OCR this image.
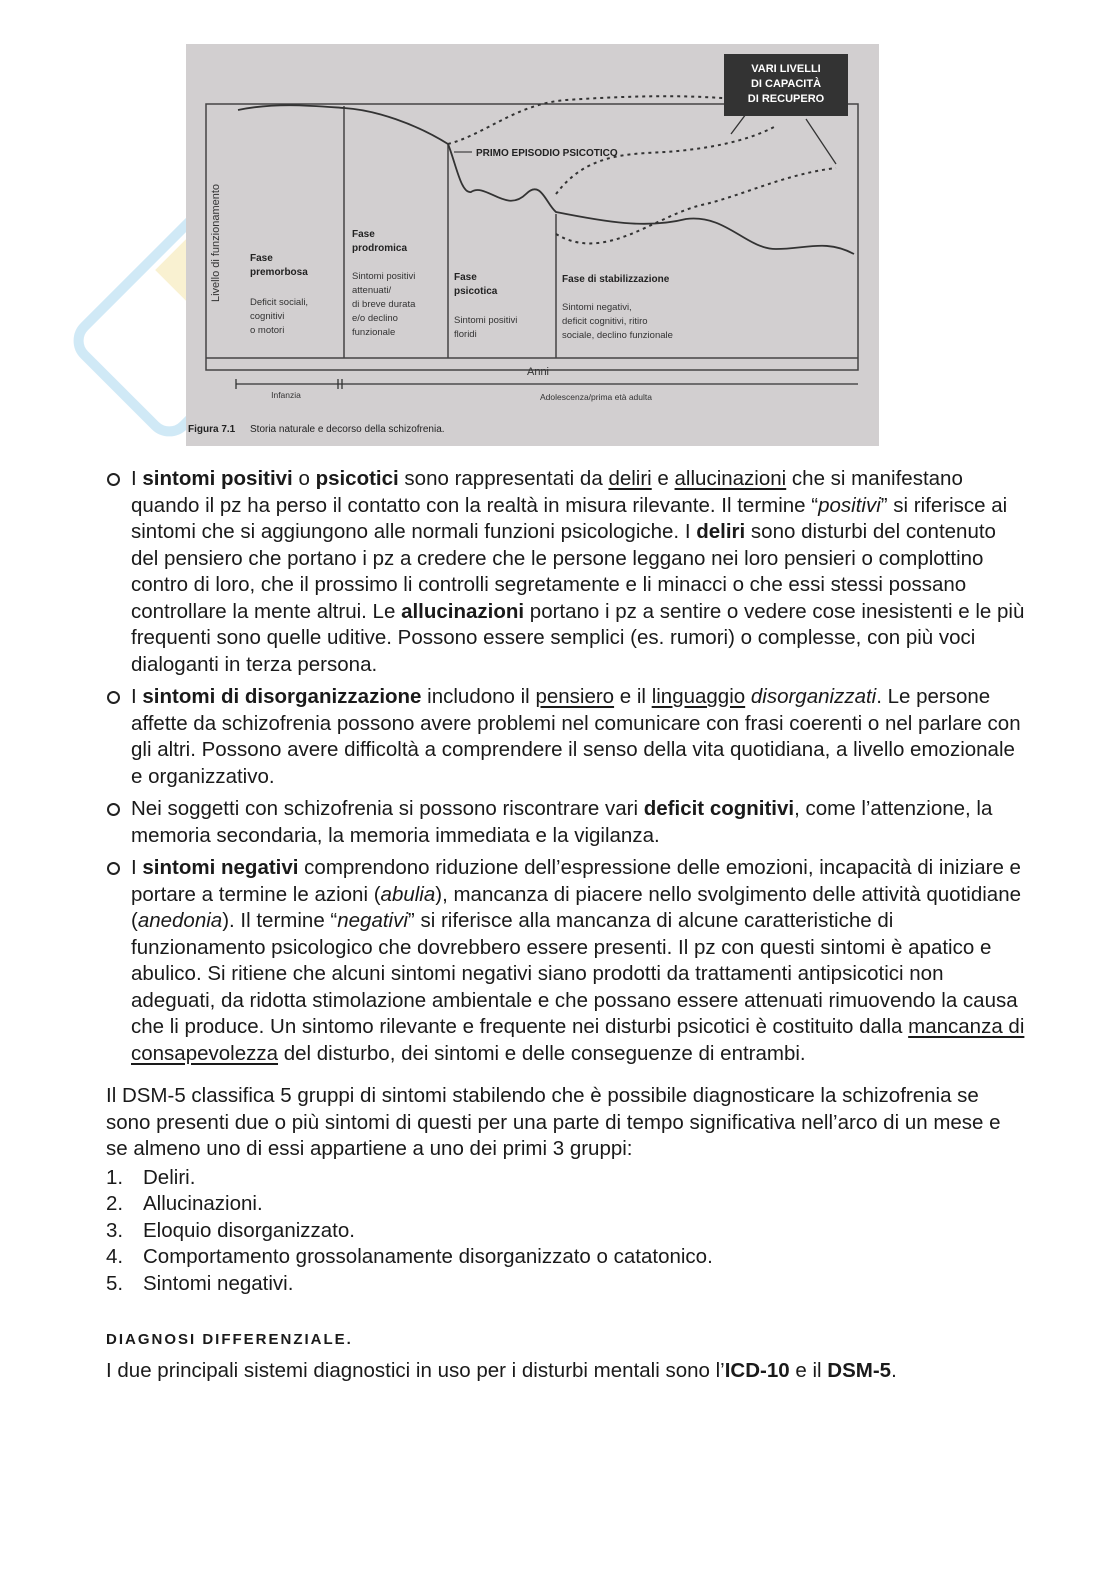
VARI LIVELLI
DI CAPACITÀ
DI RECUPERO
PRIMO EPISODIO PSICOTICO
Livello di funzionamento	Fase
premorbosa
Deficit sociali,
cognitivi
o motori
Fase
prodromica
Sintomi positivi
attenuati/
di breve durata
e/o declino
funzionale
Fase
psicotica
Sintomi positivi
floridi
Fase di stabilizzazione
Sintomi negativi,
deficit cognitivi, ritiro
sociale, declino funzionale
Anni
Infanzia	Adolescenza/prima età adulta
Figura 7.1 Storia naturale e decorso della schizofrenia.
I sintomi positivi o psicotici sono rappresentati da deliri e allucinazioni che si manifestano quando il pz ha perso il contatto con la realtà in misura rilevante. Il termine “positivi” si riferisce ai sintomi che si aggiungono alle normali funzioni psicologiche. I deliri sono disturbi del contenuto del pensiero che portano i pz a credere che le persone leggano nei loro pensieri o complottino contro di loro, che il prossimo li controlli segretamente e li minacci o che essi stessi possano controllare la mente altrui. Le allucinazioni portano i pz a sentire o vedere cose inesistenti e le più frequenti sono quelle uditive. Possono essere semplici (es. rumori) o complesse, con più voci dialoganti in terza persona.
I sintomi di disorganizzazione includono il pensiero e il linguaggio disorganizzati. Le persone affette da schizofrenia possono avere problemi nel comunicare con frasi coerenti o nel parlare con gli altri. Possono avere difficoltà a comprendere il senso della vita quotidiana, a livello emozionale e organizzativo.
Nei soggetti con schizofrenia si possono riscontrare vari deficit cognitivi, come l’attenzione, la memoria secondaria, la memoria immediata e la vigilanza.
I sintomi negativi comprendono riduzione dell’espressione delle emozioni, incapacità di iniziare e portare a termine le azioni (abulia), mancanza di piacere nello svolgimento delle attività quotidiane (anedonia). Il termine “negativi” si riferisce alla mancanza di alcune caratteristiche di funzionamento psicologico che dovrebbero essere presenti. Il pz con questi sintomi è apatico e abulico. Si ritiene che alcuni sintomi negativi siano prodotti da trattamenti antipsicotici non adeguati, da ridotta stimolazione ambientale e che possano essere attenuati rimuovendo la causa che li produce. Un sintomo rilevante e frequente nei disturbi psicotici è costituito dalla mancanza di consapevolezza del disturbo, dei sintomi e delle conseguenze di entrambi.

Il DSM-5 classifica 5 gruppi di sintomi stabilendo che è possibile diagnosticare la schizofrenia se sono presenti due o più sintomi di questi per una parte di tempo significativa nell’arco di un mese e se almeno uno di essi appartiene a uno dei primi 3 gruppi:

1. Deliri.
2. Allucinazioni.
3. Eloquio disorganizzato.
4. Comportamento grossolanamente disorganizzato o catatonico.
5. Sintomi negativi.
DIAGNOSI DIFFERENZIALE.
I due principali sistemi diagnostici in uso per i disturbi mentali sono l’ICD-10 e il DSM-5.
